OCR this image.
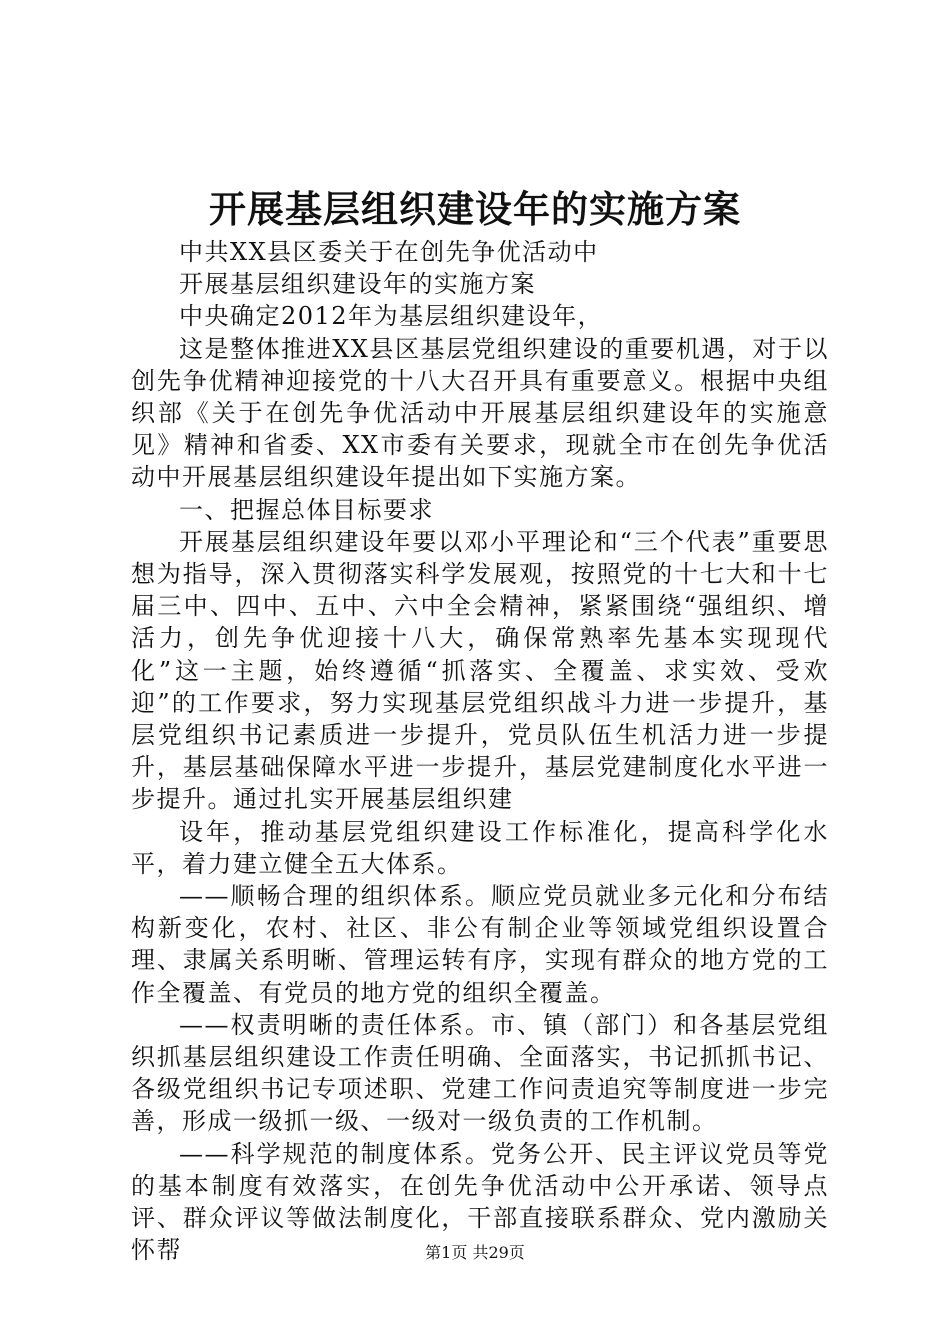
开展基层组织建设年的实施方案

中共XX县区委关于在创先争优活动中

开展基层组织建设年的实施方案

中央确定2012年为基层组织建设年，

这是整体推进XX县区基层党组织建设的重要机遇，对于以创先争优精神迎接党的十八大召开具有重要意义。根据中央组织部《关于在创先争优活动中开展基层组织建设年的实施意见》精神和省委、XX市委有关要求，现就全市在创先争优活动中开展基层组织建设年提出如下实施方案。

一、把握总体目标要求

开展基层组织建设年要以邓小平理论和“三个代表”重要思想为指导，深入贯彻落实科学发展观，按照党的十七大和十七届三中、四中、五中、六中全会精神，紧紧围绕“强组织、增活力，创先争优迎接十八大，确保常熟率先基本实现现代化”这一主题，始终遵循“抓落实、全覆盖、求实效、受欢迎”的工作要求，努力实现基层党组织战斗力进一步提升，基层党组织书记素质进一步提升，党员队伍生机活力进一步提升，基层基础保障水平进一步提升，基层党建制度化水平进一步提升。通过扎实开展基层组织建

设年，推动基层党组织建设工作标准化，提高科学化水平，着力建立健全五大体系。

——顺畅合理的组织体系。顺应党员就业多元化和分布结构新变化，农村、社区、非公有制企业等领域党组织设置合理、隶属关系明晰、管理运转有序，实现有群众的地方党的工作全覆盖、有党员的地方党的组织全覆盖。

——权责明晰的责任体系。市、镇（部门）和各基层党组织抓基层组织建设工作责任明确、全面落实，书记抓抓书记、各级党组织书记专项述职、党建工作问责追究等制度进一步完善，形成一级抓一级、一级对一级负责的工作机制。

——科学规范的制度体系。党务公开、民主评议党员等党的基本制度有效落实，在创先争优活动中公开承诺、领导点评、群众评议等做法制度化，干部直接联系群众、党内激励关怀帮	第1页 共29页
